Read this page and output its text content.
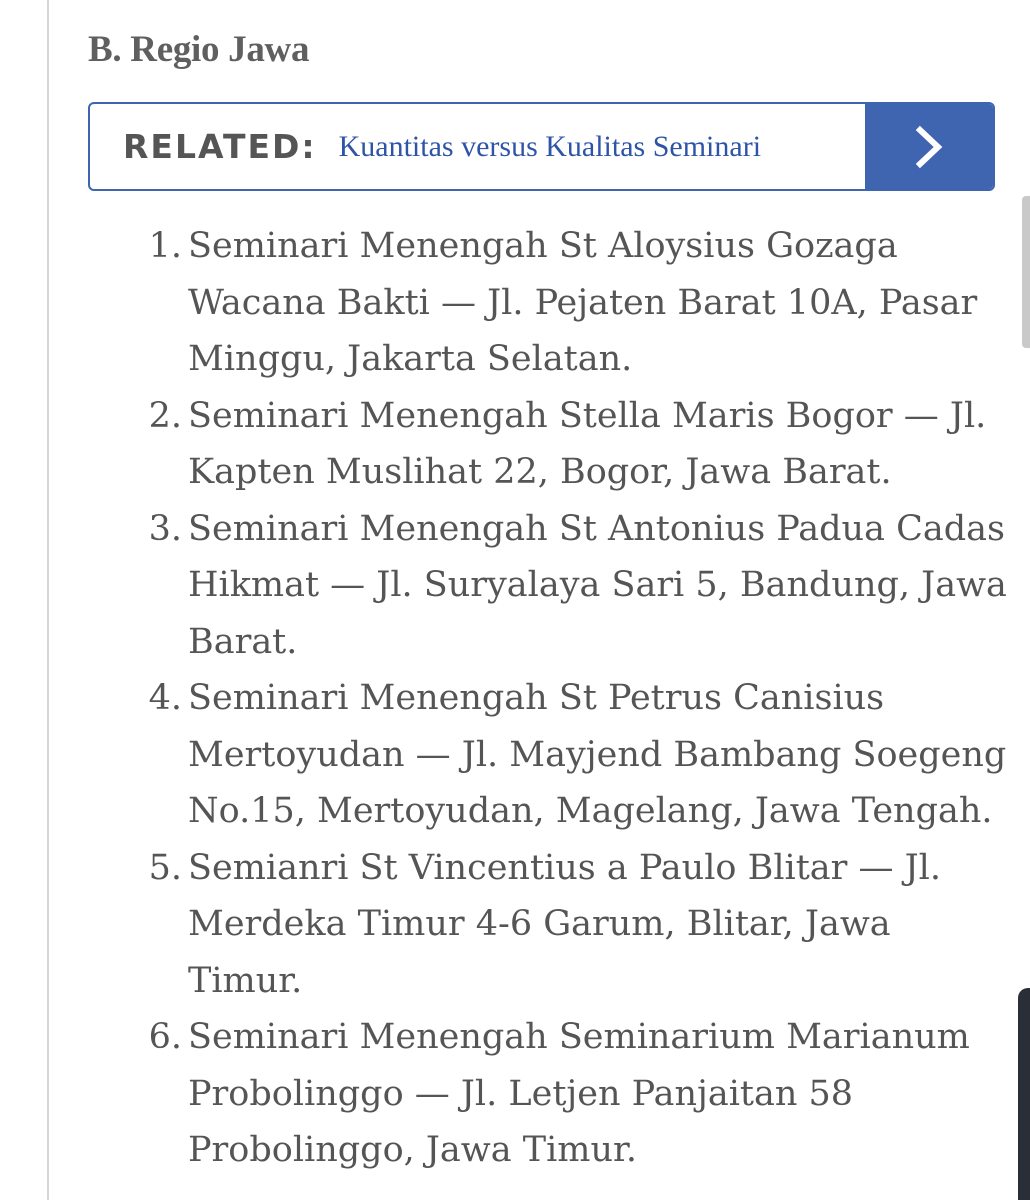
B. Regio Jawa
RELATED: Kuantitas versus Kualitas Seminari
1. Seminari Menengah St Aloysius Gozaga Wacana Bakti — Jl. Pejaten Barat 10A, Pasar Minggu, Jakarta Selatan.
2. Seminari Menengah Stella Maris Bogor — Jl. Kapten Muslihat 22, Bogor, Jawa Barat.
3. Seminari Menengah St Antonius Padua Cadas Hikmat — Jl. Suryalaya Sari 5, Bandung, Jawa Barat.
4. Seminari Menengah St Petrus Canisius Mertoyudan — Jl. Mayjend Bambang Soegeng No.15, Mertoyudan, Magelang, Jawa Tengah.
5. Semianri St Vincentius a Paulo Blitar — Jl. Merdeka Timur 4-6 Garum, Blitar, Jawa Timur.
6. Seminari Menengah Seminarium Marianum Probolinggo — Jl. Letjen Panjaitan 58 Probolinggo, Jawa Timur.
